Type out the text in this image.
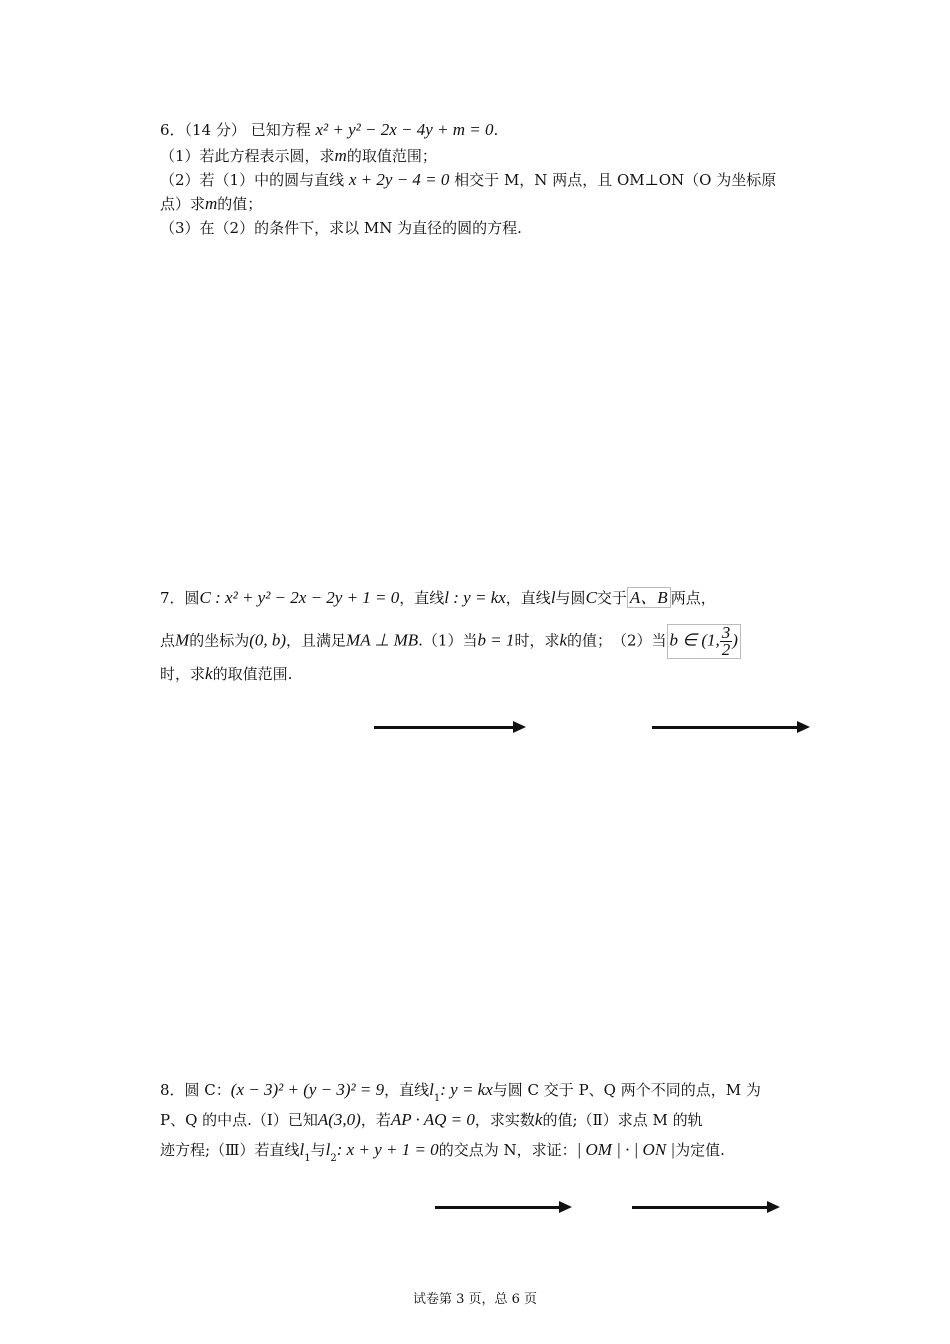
6．（14 分） 已知方程 x² + y² − 2x − 4y + m = 0.
（1）若此方程表示圆，求m的取值范围；
（2）若（1）中的圆与直线 x + 2y − 4 = 0 相交于 M，N 两点，且 OM⊥ON（O 为坐标原
点）求m的值；
（3）在（2）的条件下，求以 MN 为直径的圆的方程.
7．圆C : x² + y² − 2x − 2y + 1 = 0，直线l : y = kx，直线l与圆C交于 A、B 两点，
点M的坐标为(0, b)，且满足MA ⊥ MB.（1）当b = 1时，求k的值；　（2）当 b ∈ (1, $\frac{3}{2}$ )
时，求k的取值范围.
8．圆 C：(x − 3)² + (y − 3)² = 9，直线$l_1$: y = kx与圆 C 交于 P、Q 两个不同的点，M 为
P、Q 的中点.（Ⅰ）已知A(3,0)，若AP · AQ = 0，求实数k的值;（Ⅱ）求点 M 的轨
迹方程;（Ⅲ）若直线$l_1$与$l_2$: x + y + 1 = 0的交点为 N，求证：| OM | · | ON |为定值.
试卷第 3 页，总 6 页
